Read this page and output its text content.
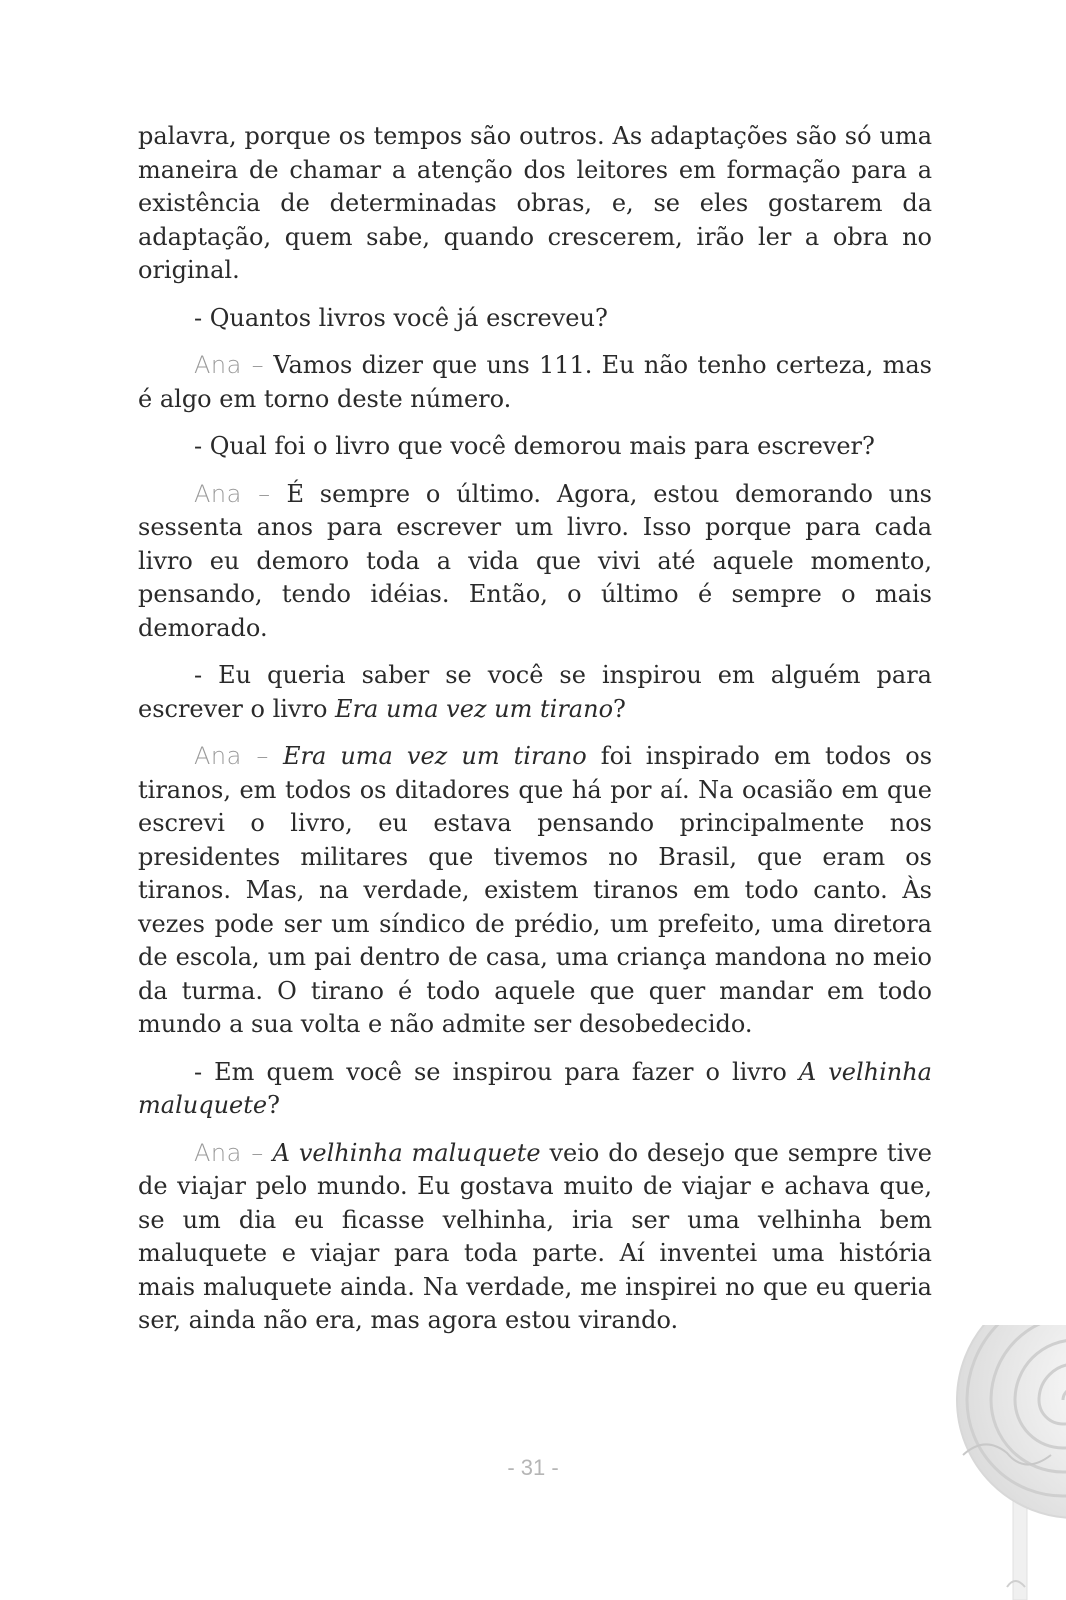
palavra, porque os tempos são outros. As adaptações são só uma maneira de chamar a atenção dos leitores em formação para a existência de determinadas obras, e, se eles gostarem da adaptação, quem sabe, quando crescerem, irão ler a obra no original.

- Quantos livros você já escreveu?

Ana – Vamos dizer que uns 111. Eu não tenho certeza, mas é algo em torno deste número.

- Qual foi o livro que você demorou mais para escrever?

Ana – É sempre o último. Agora, estou demorando uns sessenta anos para escrever um livro. Isso porque para cada livro eu demoro toda a vida que vivi até aquele momento, pensando, tendo idéias. Então, o último é sempre o mais demorado.

- Eu queria saber se você se inspirou em alguém para escrever o livro Era uma vez um tirano?

Ana – Era uma vez um tirano foi inspirado em todos os tiranos, em todos os ditadores que há por aí. Na ocasião em que escrevi o livro, eu estava pensando principalmente nos presidentes militares que tivemos no Brasil, que eram os tiranos. Mas, na verdade, existem tiranos em todo canto. Às vezes pode ser um síndico de prédio, um prefeito, uma diretora de escola, um pai dentro de casa, uma criança mandona no meio da turma. O tirano é todo aquele que quer mandar em todo mundo a sua volta e não admite ser desobedecido.

- Em quem você se inspirou para fazer o livro A velhinha maluquete?

Ana – A velhinha maluquete veio do desejo que sempre tive de viajar pelo mundo. Eu gostava muito de viajar e achava que, se um dia eu ficasse velhinha, iria ser uma velhinha bem maluquete e viajar para toda parte. Aí inventei uma história mais maluquete ainda. Na verdade, me inspirei no que eu queria ser, ainda não era, mas agora estou virando.

- 31 -
